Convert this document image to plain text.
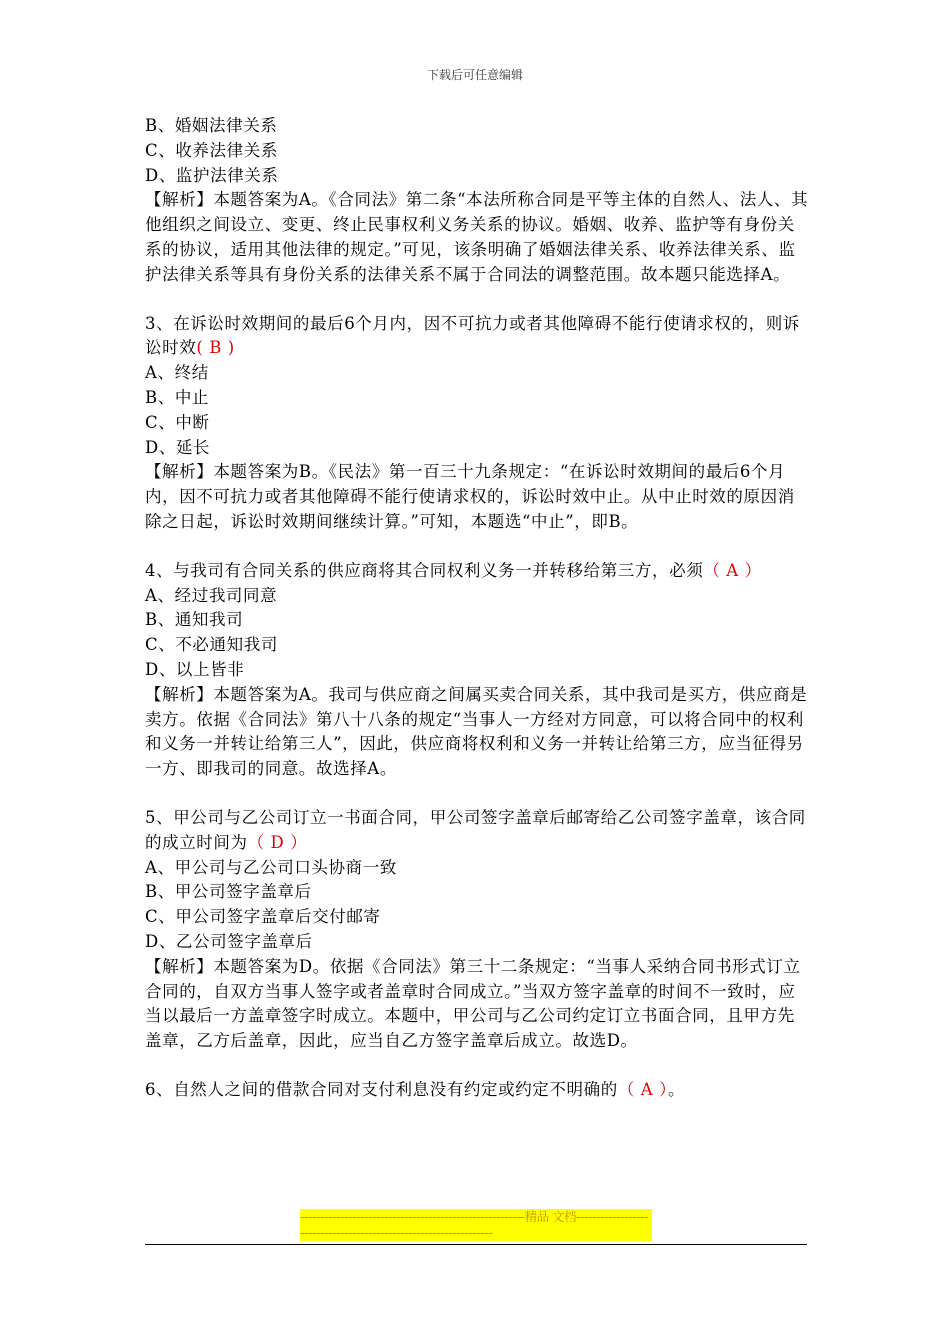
下载后可任意编辑

B、婚姻法律关系

C、收养法律关系

D、监护法律关系

【解析】本题答案为A。《合同法》第二条“本法所称合同是平等主体的自然人、法人、其他组织之间设立、变更、终止民事权利义务关系的协议。婚姻、收养、监护等有身份关系的协议，适用其他法律的规定。”可见，该条明确了婚姻法律关系、收养法律关系、监护法律关系等具有身份关系的法律关系不属于合同法的调整范围。故本题只能选择A。

3、在诉讼时效期间的最后6个月内，因不可抗力或者其他障碍不能行使请求权的，则诉讼时效( B )

A、终结

B、中止

C、中断

D、延长

【解析】本题答案为B。《民法》第一百三十九条规定：“在诉讼时效期间的最后6个月内，因不可抗力或者其他障碍不能行使请求权的，诉讼时效中止。从中止时效的原因消除之日起，诉讼时效期间继续计算。”可知，本题选“中止”，即B。

4、与我司有合同关系的供应商将其合同权利义务一并转移给第三方，必须（ A ）

A、经过我司同意

B、通知我司

C、不必通知我司

D、以上皆非

【解析】本题答案为A。我司与供应商之间属买卖合同关系，其中我司是买方，供应商是卖方。依据《合同法》第八十八条的规定“当事人一方经对方同意，可以将合同中的权利和义务一并转让给第三人”，因此，供应商将权利和义务一并转让给第三方，应当征得另一方、即我司的同意。故选择A。

5、甲公司与乙公司订立一书面合同，甲公司签字盖章后邮寄给乙公司签字盖章，该合同的成立时间为（ D ）

A、甲公司与乙公司口头协商一致

B、甲公司签字盖章后

C、甲公司签字盖章后交付邮寄

D、乙公司签字盖章后

【解析】本题答案为D。依据《合同法》第三十二条规定：“当事人采纳合同书形式订立合同的，自双方当事人签字或者盖章时合同成立。”当双方签字盖章的时间不一致时，应当以最后一方盖章签字时成立。本题中，甲公司与乙公司约定订立书面合同，且甲方先盖章，乙方后盖章，因此，应当自乙方签字盖章后成立。故选D。

6、自然人之间的借款合同对支付利息没有约定或约定不明确的（ A ）。

--------------------------------------------------------精品 文档------------------------------------------------------------------
